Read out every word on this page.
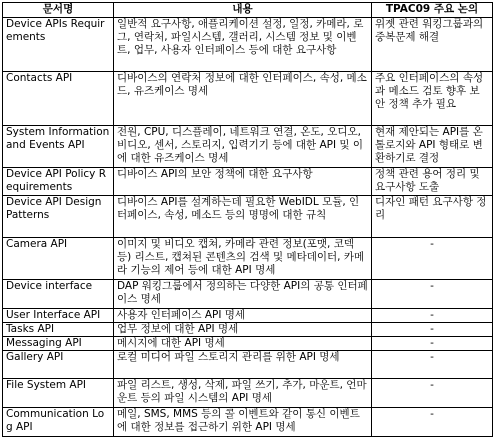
문서명	내용	TPAC09 주요 논의
Device APIs Requirements	일반적 요구사항, 애플리케이션 설정, 일정, 카메라, 로그, 연락처, 파일시스템, 갤러리, 시스템 정보 및 이벤트, 업무, 사용자 인터페이스 등에 대한 요구사항	위젯 관련 워킹그룹과의 중복문제 해결
Contacts API	디바이스의 연락처 정보에 대한 인터페이스, 속성, 메소드, 유즈케이스 명세	주요 인터페이스의 속성과 메소드 검토 향후 보안 정책 추가 필요
System Information and Events API	전원, CPU, 디스플레이, 네트워크 연결, 온도, 오디오, 비디오, 센서, 스토리지, 입력기기 등에 대한 API 및 이에 대한 유즈케이스 명세	현재 제안되는 API를 온톨로지와 API 형태로 변환하기로 결정
Device API Policy Requirements	디바이스 API의 보안 정책에 대한 요구사항	정책 관련 용어 정리 및 요구사항 도출
Device API Design Patterns	디바이스 API를 설계하는데 필요한 WebIDL 모듈, 인터페이스, 속성, 메소드 등의 명명에 대한 규칙	디자인 패턴 요구사항 정리
Camera API	이미지 및 비디오 캡쳐, 카메라 관련 정보(포맷, 코덱 등) 리스트, 캡쳐된 콘텐츠의 검색 및 메타데이터, 카메라 기능의 제어 등에 대한 API 명세	-
Device interface	DAP 워킹그룹에서 정의하는 다양한 API의 공통 인터페이스 명세	-
User Interface API	사용자 인터페이스 API 명세	-
Tasks API	업무 정보에 대한 API 명세	-
Messaging API	메시지에 대한 API 명세	-
Gallery API	로컬 미디어 파일 스토리지 관리를 위한 API 명세	-
File System API	파일 리스트, 생성, 삭제, 파일 쓰기, 추가, 마운트, 언마운트 등의 파일 시스템의 API 명세	-
Communication Log API	메일, SMS, MMS 등의 콜 이벤트와 같이 통신 이벤트에 대한 정보를 접근하기 위한 API 명세	-
